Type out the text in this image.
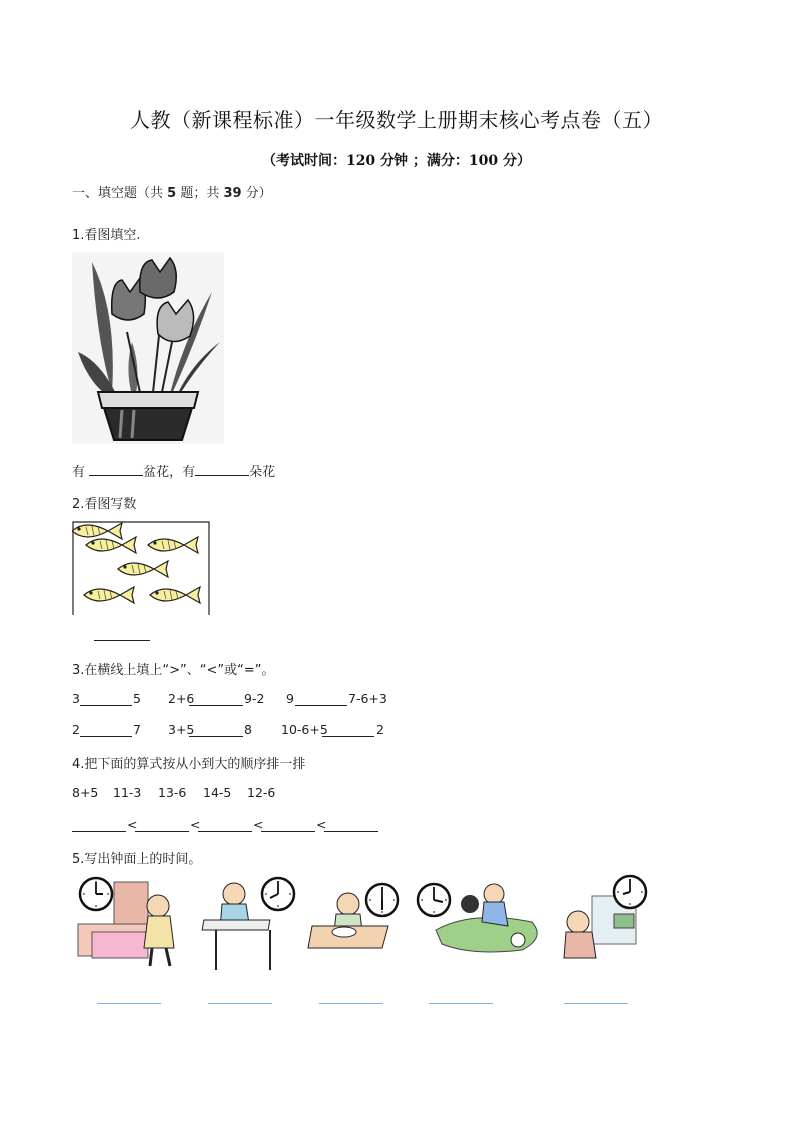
人教（新课程标准）一年级数学上册期末核心考点卷（五）
（考试时间：120 分钟 ；满分：100 分）
一、填空题（共 5 题；共 39 分）
1.看图填空.
有	盆花，有	朵花
2.看图写数
3.在横线上填上“>”、“<”或“=”。
3	5 2+6	9-2 9	7-6+3
2	7 3+5	8 10-6+5	2
4.把下面的算式按从小到大的顺序排一排
8+5 11-3 13-6 14-5 12-6
<	<	<	<
5.写出钟面上的时间。
